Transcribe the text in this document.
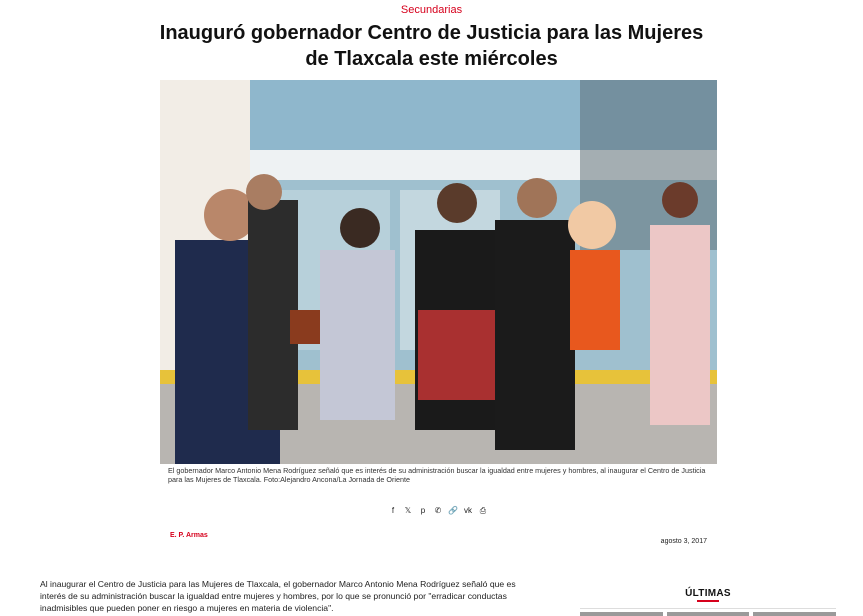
Secundarias
Inauguró gobernador Centro de Justicia para las Mujeres
de Tlaxcala este miércoles
El gobernador Marco Antonio Mena Rodríguez señaló que es interés de su administración buscar la igualdad entre mujeres y hombres, al inaugurar el Centro de Justicia para las Mujeres de Tlaxcala. Foto:Alejandro Ancona/La Jornada de Oriente
f	𝕏	p	✆ 🔗 vk ⎙
E. P. Armas
agosto 3, 2017

Al inaugurar el Centro de Justicia para las Mujeres de Tlaxcala, el gobernador Marco Antonio Mena Rodríguez señaló que es
interés de su administración buscar la igualdad entre mujeres y hombres, por lo que se pronunció por "erradicar conductas
inadmisibles que pueden poner en riesgo a mujeres en materia de violencia".

ÚLTIMAS
